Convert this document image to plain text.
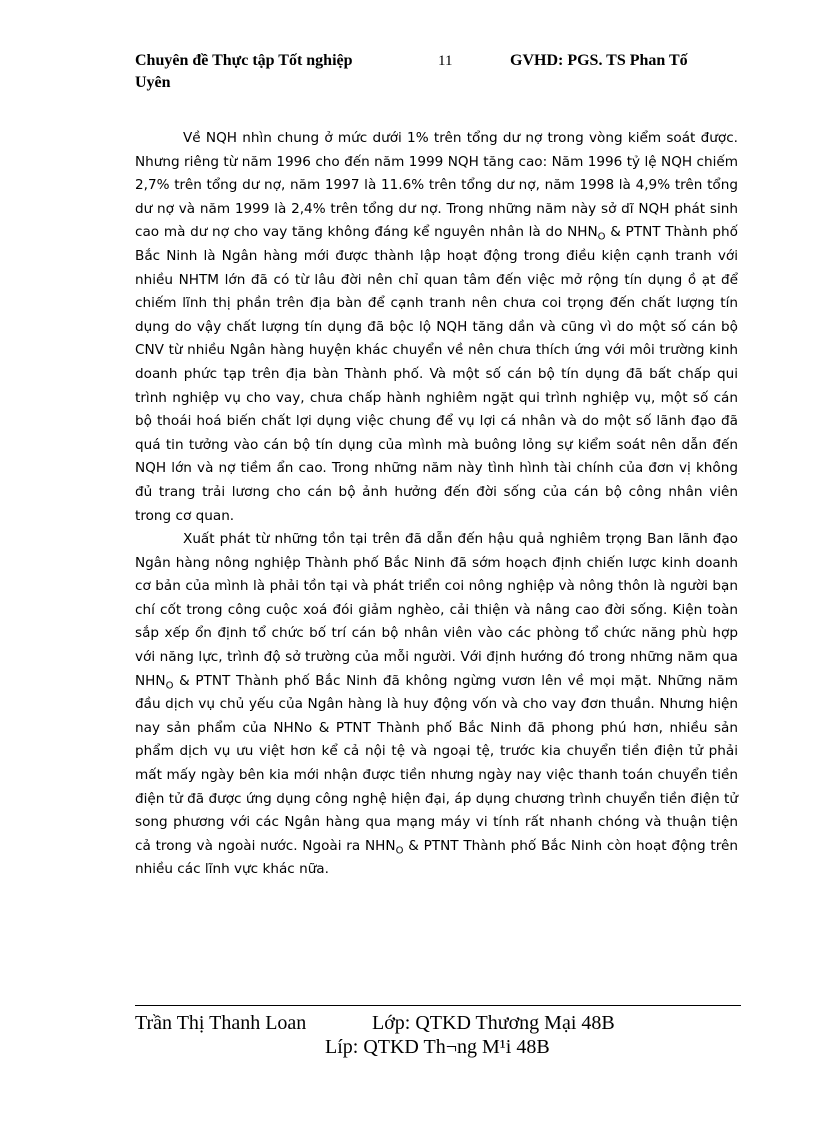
Chuyên đề Thực tập Tốt nghiệp
Uyên
11	GVHD: PGS. TS Phan Tố

Về NQH nhìn chung ở mức dưới 1% trên tổng dư nợ trong vòng kiểm soát được. Nhưng riêng từ năm 1996 cho đến năm 1999 NQH tăng cao: Năm 1996 tỷ lệ NQH chiếm 2,7% trên tổng dư nợ, năm 1997 là 11.6% trên tổng dư nợ, năm 1998 là 4,9% trên tổng dư nợ và năm 1999 là 2,4% trên tổng dư nợ. Trong những năm này sở dĩ NQH phát sinh cao mà dư nợ cho vay tăng không đáng kể nguyên nhân là do $NHN_O$ & PTNT Thành phố Bắc Ninh là Ngân hàng mới được thành lập hoạt động trong điều kiện cạnh tranh với nhiều NHTM lớn đã có từ lâu đời nên chỉ quan tâm đến việc mở rộng tín dụng ồ ạt để chiếm lĩnh thị phần trên địa bàn để cạnh tranh nên chưa coi trọng đến chất lượng tín dụng do vậy chất lượng tín dụng đã bộc lộ NQH tăng dần và cũng vì do một số cán bộ CNV từ nhiều Ngân hàng huyện khác chuyển về nên chưa thích ứng với môi trường kinh doanh phức tạp trên địa bàn Thành phố. Và một số cán bộ tín dụng đã bất chấp qui trình nghiệp vụ cho vay, chưa chấp hành nghiêm ngặt qui trình nghiệp vụ, một số cán bộ thoái hoá biến chất lợi dụng việc chung để vụ lợi cá nhân và do một số lãnh đạo đã quá tin tưởng vào cán bộ tín dụng của mình mà buông lỏng sự kiểm soát nên dẫn đến NQH lớn và nợ tiềm ẩn cao. Trong những năm này tình hình tài chính của đơn vị không đủ trang trải lương cho cán bộ ảnh hưởng đến đời sống của cán bộ công nhân viên trong cơ quan.

Xuất phát từ những tồn tại trên đã dẫn đến hậu quả nghiêm trọng Ban lãnh đạo Ngân hàng nông nghiệp Thành phố Bắc Ninh đã sớm hoạch định chiến lược kinh doanh cơ bản của mình là phải tồn tại và phát triển coi nông nghiệp và nông thôn là người bạn chí cốt trong công cuộc xoá đói giảm nghèo, cải thiện và nâng cao đời sống. Kiện toàn sắp xếp ổn định tổ chức bố trí cán bộ nhân viên vào các phòng tổ chức năng phù hợp với năng lực, trình độ sở trường của mỗi người. Với định hướng đó trong những năm qua $NHN_O$ & PTNT Thành phố Bắc Ninh đã không ngừng vươn lên về mọi mặt. Những năm đầu dịch vụ chủ yếu của Ngân hàng là huy động vốn và cho vay đơn thuần. Nhưng hiện nay sản phẩm của NHNo & PTNT Thành phố Bắc Ninh đã phong phú hơn, nhiều sản phẩm dịch vụ ưu việt hơn kể cả nội tệ và ngoại tệ, trước kia chuyển tiền điện tử phải mất mấy ngày bên kia mới nhận được tiền nhưng ngày nay việc thanh toán chuyển tiền điện tử đã được ứng dụng công nghệ hiện đại, áp dụng chương trình chuyển tiền điện tử song phương với các Ngân hàng qua mạng máy vi tính rất nhanh chóng và thuận tiện cả trong và ngoài nước. Ngoài ra $NHN_O$ & PTNT Thành phố Bắc Ninh còn hoạt động trên nhiều các lĩnh vực khác nữa.

Trần Thị Thanh Loan	Lớp: QTKD Thương Mại 48B
Líp: QTKD Th¬ng M¹i 48B
